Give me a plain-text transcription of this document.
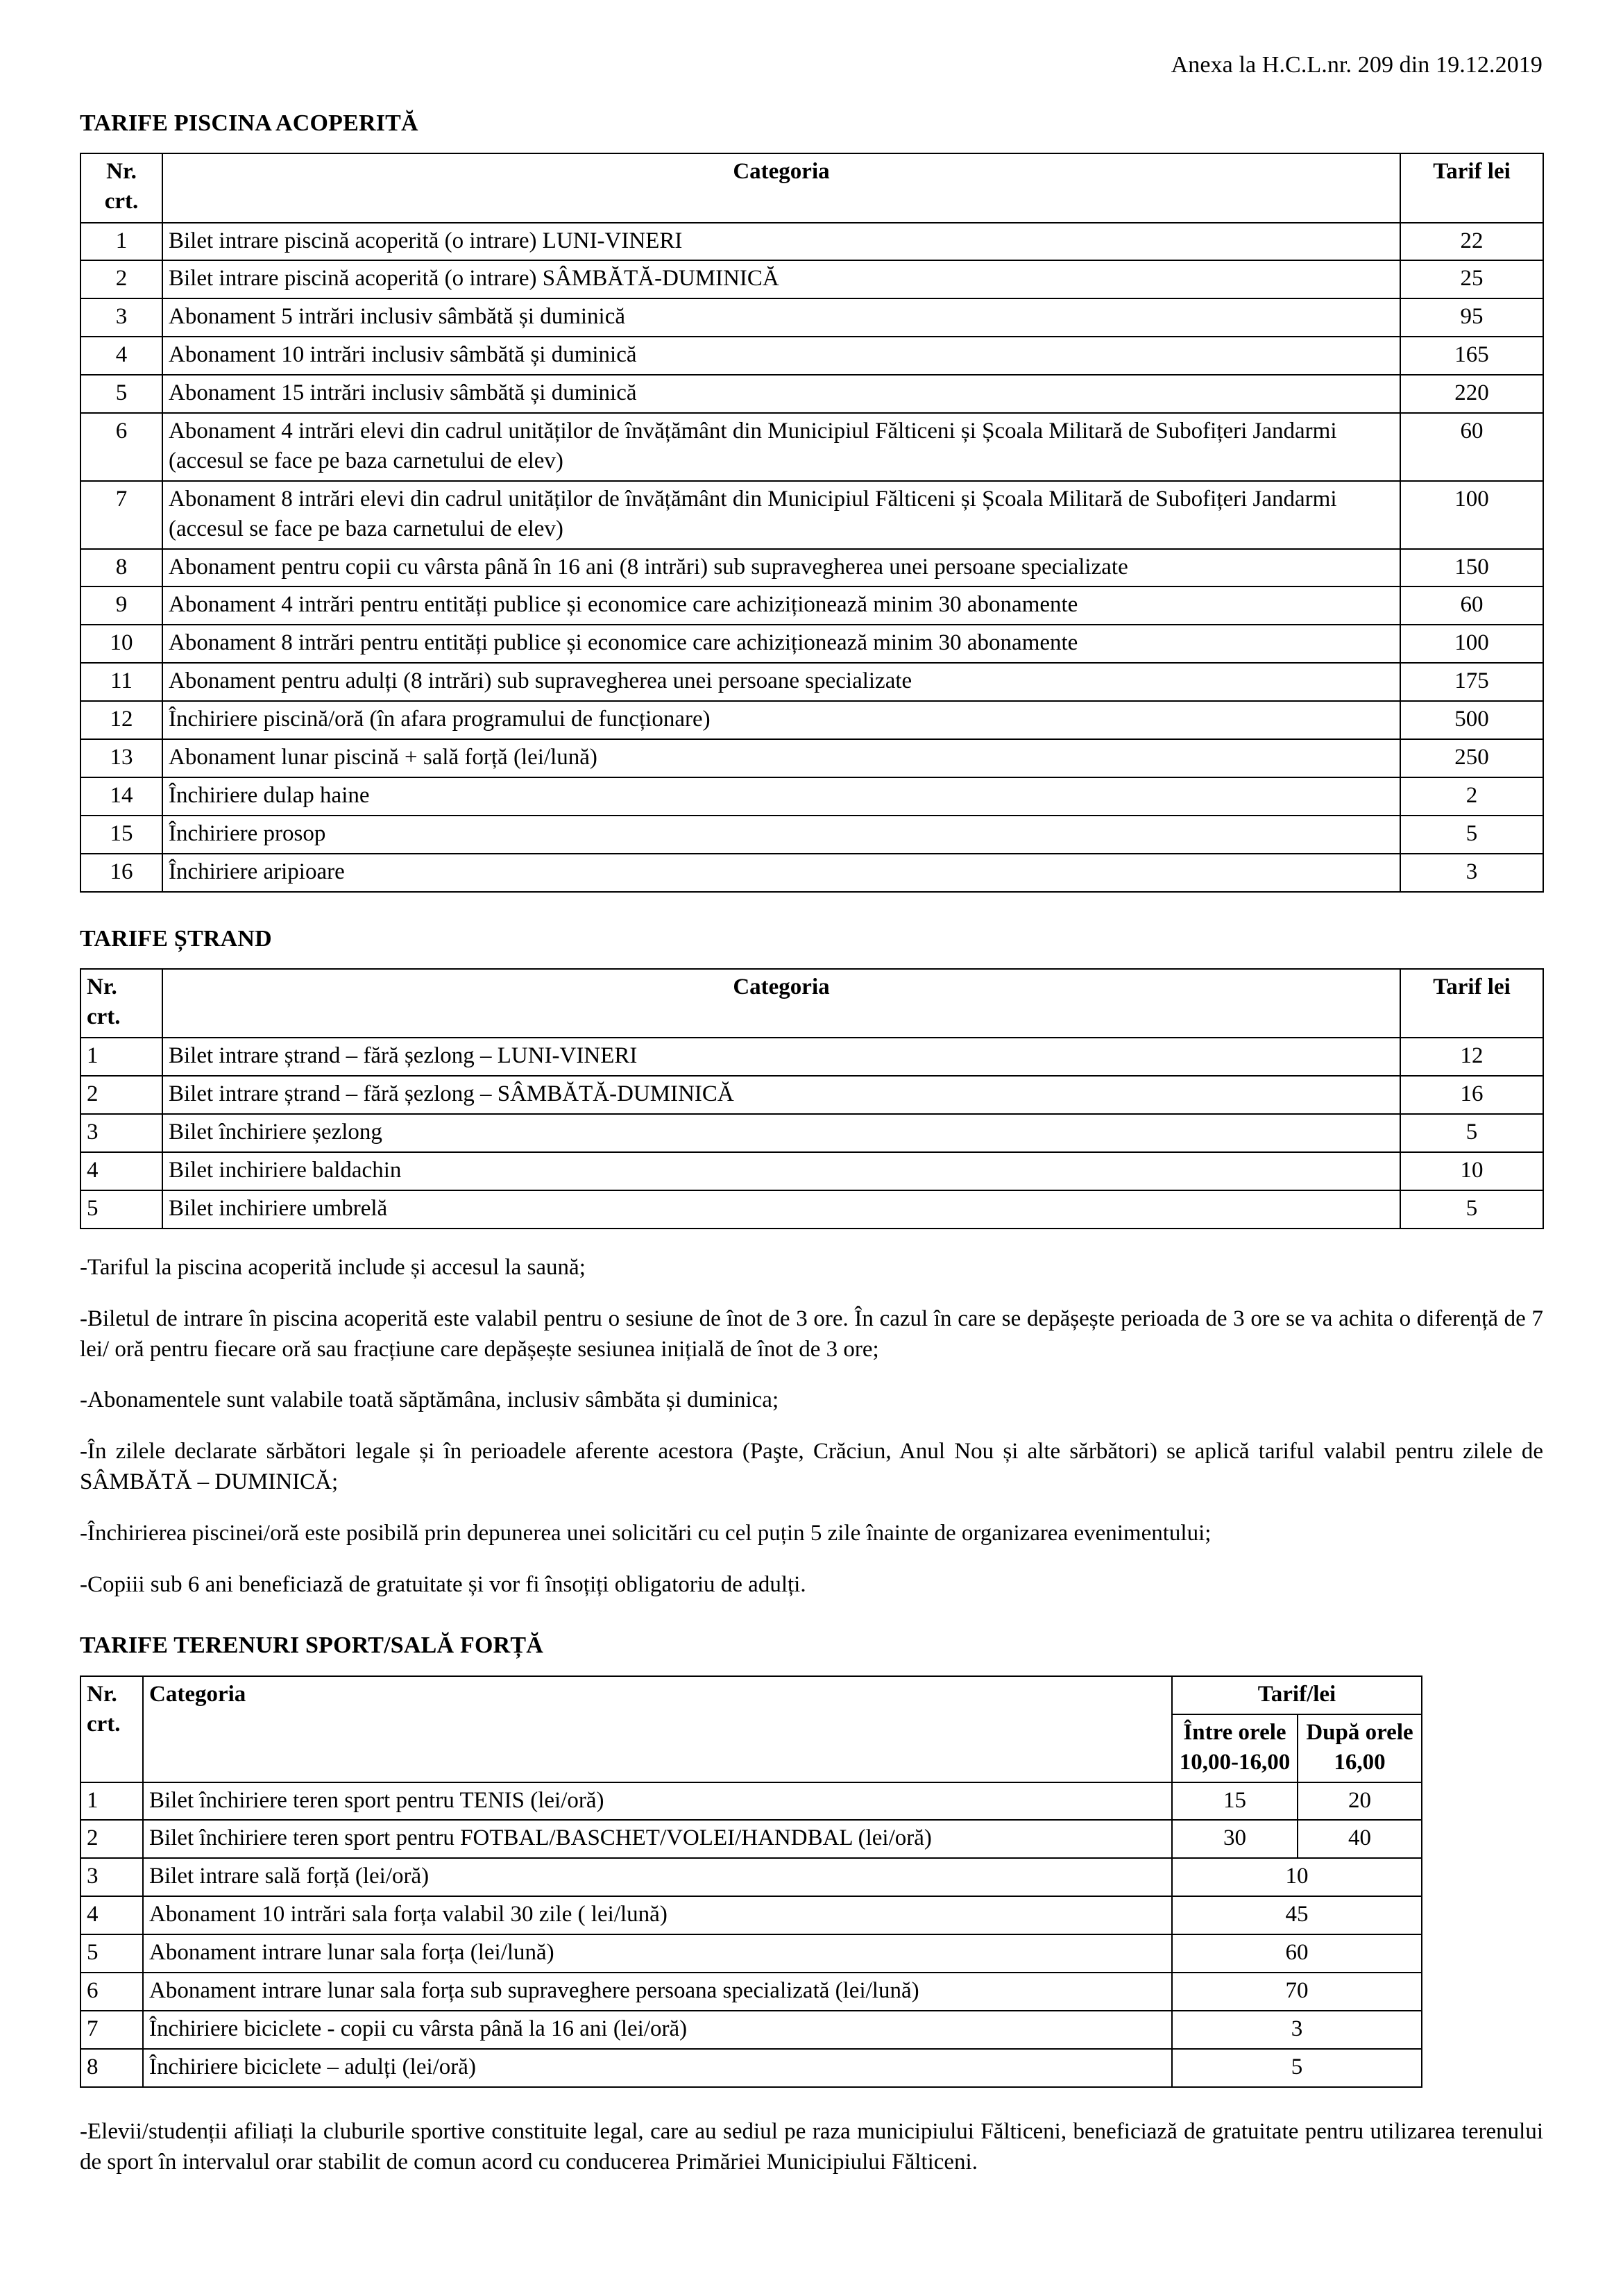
Anexa la H.C.L.nr. 209 din 19.12.2019
TARIFE PISCINA ACOPERITĂ
Nr.
crt.	Categoria	Tarif lei

1	Bilet intrare piscină acoperită (o intrare) LUNI-VINERI	22

2	Bilet intrare piscină acoperită (o intrare) SÂMBĂTĂ-DUMINICĂ	25

3	Abonament 5 intrări inclusiv sâmbătă și duminică	95

4	Abonament 10 intrări inclusiv sâmbătă și duminică	165

5	Abonament 15 intrări inclusiv sâmbătă și duminică	220

6	Abonament 4 intrări elevi din cadrul unităților de învățământ din Municipiul Fălticeni și Școala Militară de Subofițeri Jandarmi (accesul se face pe baza carnetului de elev)	60

7	Abonament 8 intrări elevi din cadrul unităților de învățământ din Municipiul Fălticeni și Școala Militară de Subofițeri Jandarmi (accesul se face pe baza carnetului de elev)	100

8	Abonament pentru copii cu vârsta până în 16 ani (8 intrări) sub supravegherea unei persoane specializate	150

9	Abonament 4 intrări pentru entități publice și economice care achiziționează minim 30 abonamente	60

10	Abonament 8 intrări pentru entități publice și economice care achiziționează minim 30 abonamente	100

11	Abonament pentru adulți (8 intrări) sub supravegherea unei persoane specializate	175

12	Închiriere piscină/oră (în afara programului de funcționare)	500

13	Abonament lunar piscină + sală forță (lei/lună)	250

14	Închiriere dulap haine	2

15	Închiriere prosop	5

16	Închiriere aripioare	3
TARIFE ȘTRAND
Nr.
crt.	Categoria	Tarif lei

1	Bilet intrare ștrand – fără șezlong – LUNI-VINERI	12

2	Bilet intrare ștrand – fără șezlong – SÂMBĂTĂ-DUMINICĂ	16

3	Bilet închiriere șezlong	5

4	Bilet inchiriere baldachin	10

5	Bilet inchiriere umbrelă	5
-Tariful la piscina acoperită include și accesul la saună;
-Biletul de intrare în piscina acoperită este valabil pentru o sesiune de înot de 3 ore. În cazul în care se depășește perioada de 3 ore se va achita o diferență de 7 lei/ oră pentru fiecare oră sau fracțiune care depășește sesiunea inițială de înot de 3 ore;
-Abonamentele sunt valabile toată săptămâna, inclusiv sâmbăta și duminica;
-În zilele declarate sărbători legale și în perioadele aferente acestora (Paşte, Crăciun, Anul Nou și alte sărbători) se aplică tariful valabil pentru zilele de SÂMBĂTĂ – DUMINICĂ;
-Închirierea piscinei/oră este posibilă prin depunerea unei solicitări cu cel puțin 5 zile înainte de organizarea evenimentului;
-Copiii sub 6 ani beneficiază de gratuitate și vor fi însoțiți obligatoriu de adulți.
TARIFE TERENURI SPORT/SALĂ FORȚĂ
Nr.
crt.	Categoria	Tarif/lei	

		Între orele
10,00-16,00	După orele
16,00

1	Bilet închiriere teren sport pentru TENIS (lei/oră)	15	20

2	Bilet închiriere teren sport pentru FOTBAL/BASCHET/VOLEI/HANDBAL (lei/oră)	30	40

3	Bilet intrare sală forță (lei/oră)	10	

4	Abonament 10 intrări sala forța valabil 30 zile ( lei/lună)	45	

5	Abonament intrare lunar sala forța (lei/lună)	60	

6	Abonament intrare lunar sala forța sub supraveghere persoana specializată (lei/lună)	70	

7	Închiriere biciclete - copii cu vârsta până la 16 ani (lei/oră)	3	

8	Închiriere biciclete – adulți (lei/oră)	5	
-Elevii/studenții afiliați la cluburile sportive constituite legal, care au sediul pe raza municipiului Fălticeni, beneficiază de gratuitate pentru utilizarea terenului de sport în intervalul orar stabilit de comun acord cu conducerea Primăriei Municipiului Fălticeni.
